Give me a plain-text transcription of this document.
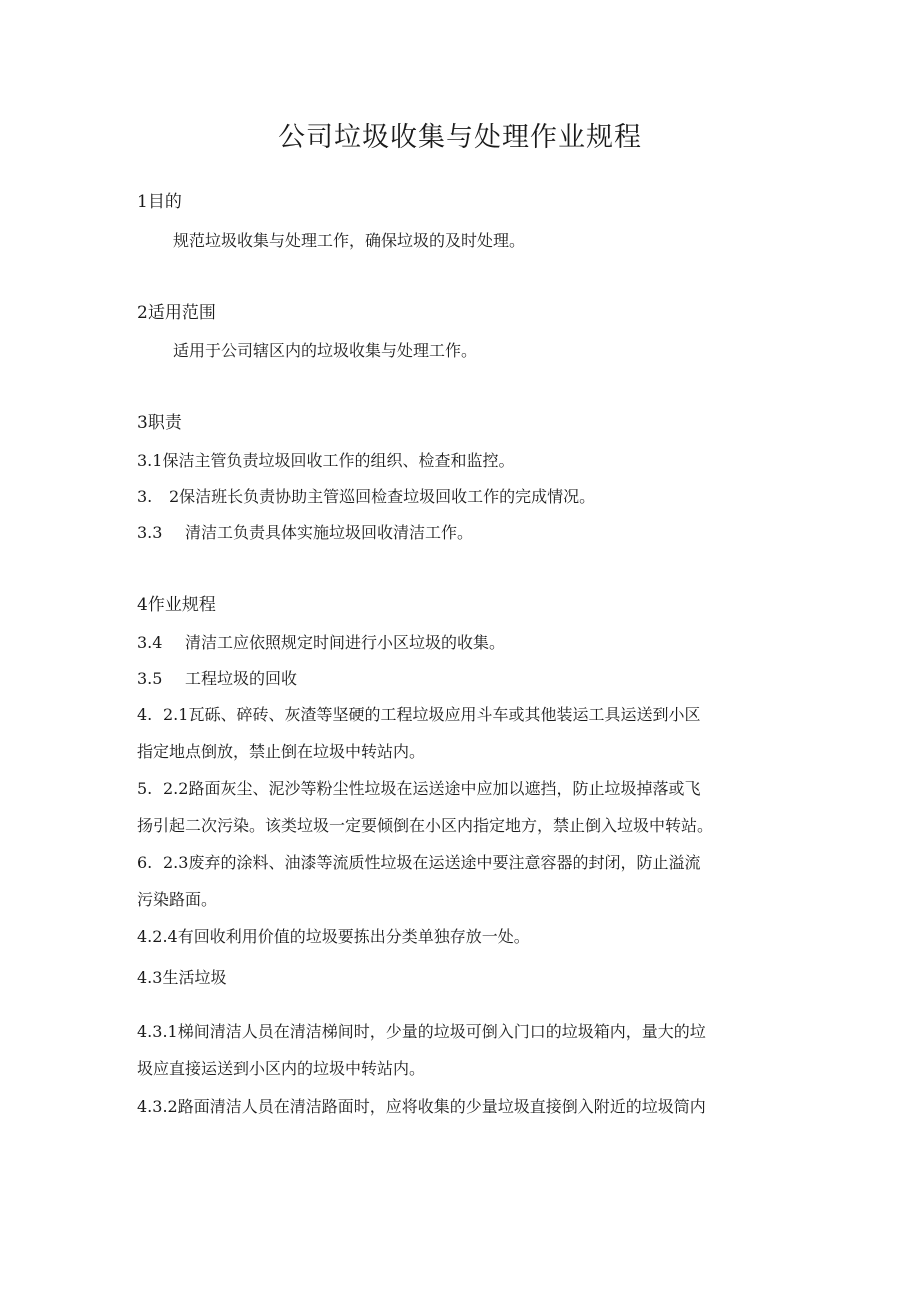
公司垃圾收集与处理作业规程
1目的
规范垃圾收集与处理工作，确保垃圾的及时处理。
2适用范围
适用于公司辖区内的垃圾收集与处理工作。
3职责
3.1保洁主管负责垃圾回收工作的组织、检查和监控。
3. 2保洁班长负责协助主管巡回检查垃圾回收工作的完成情况。
3.3 清洁工负责具体实施垃圾回收清洁工作。
4作业规程
3.4 清洁工应依照规定时间进行小区垃圾的收集。
3.5 工程垃圾的回收
4. 2.1瓦砾、碎砖、灰渣等坚硬的工程垃圾应用斗车或其他装运工具运送到小区
指定地点倒放，禁止倒在垃圾中转站内。
5. 2.2路面灰尘、泥沙等粉尘性垃圾在运送途中应加以遮挡，防止垃圾掉落或飞
扬引起二次污染。该类垃圾一定要倾倒在小区内指定地方，禁止倒入垃圾中转站。
6. 2.3废弃的涂料、油漆等流质性垃圾在运送途中要注意容器的封闭，防止溢流
污染路面。
4.2.4有回收利用价值的垃圾要拣出分类单独存放一处。
4.3生活垃圾
4.3.1梯间清洁人员在清洁梯间时，少量的垃圾可倒入门口的垃圾箱内，量大的垃
圾应直接运送到小区内的垃圾中转站内。
4.3.2路面清洁人员在清洁路面时，应将收集的少量垃圾直接倒入附近的垃圾筒内
